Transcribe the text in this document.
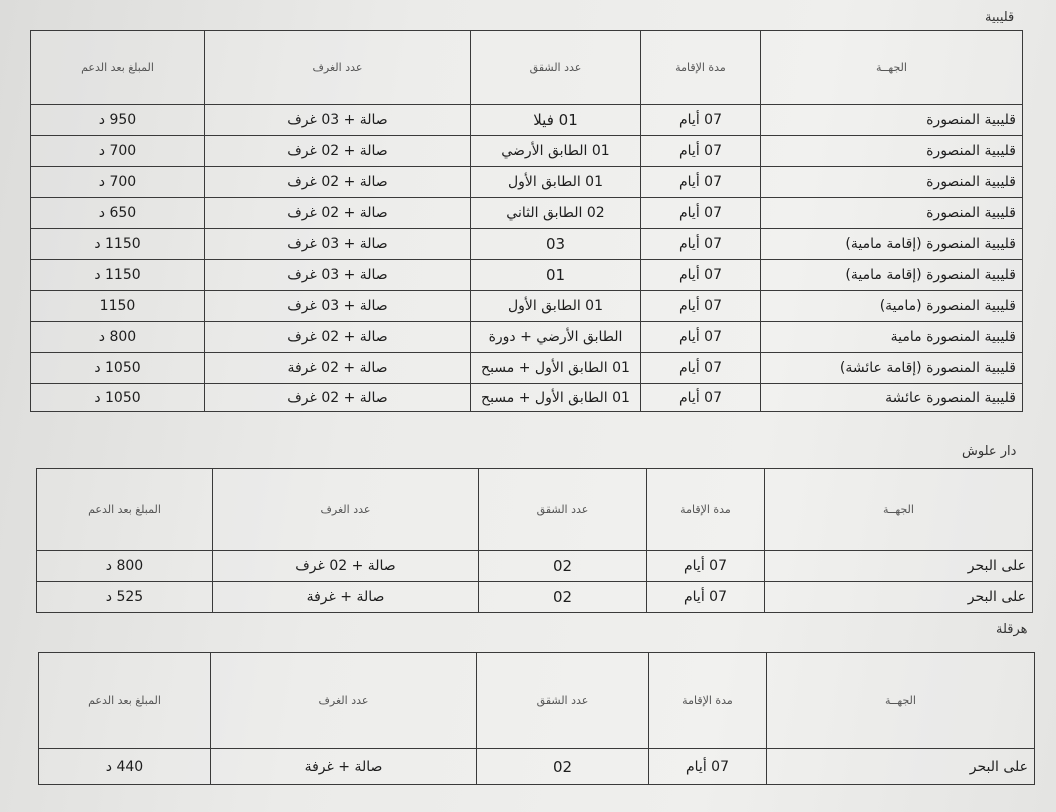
قليبية
الجهــة	مدة الإقامة	عدد الشقق	عدد الغرف	المبلغ بعد الدعم
قليبية المنصورة	07 أيام	01 فيلا	صالة + 03 غرف	950 د
قليبية المنصورة	07 أيام	01 الطابق الأرضي	صالة + 02 غرف	700 د
قليبية المنصورة	07 أيام	01 الطابق الأول	صالة + 02 غرف	700 د
قليبية المنصورة	07 أيام	02 الطابق الثاني	صالة + 02 غرف	650 د
قليبية المنصورة (إقامة مامية)	07 أيام	03	صالة + 03 غرف	1150 د
قليبية المنصورة (إقامة مامية)	07 أيام	01	صالة + 03 غرف	1150 د
قليبية المنصورة (مامية)	07 أيام	01 الطابق الأول	صالة + 03 غرف	1150
قليبية المنصورة مامية	07 أيام	الطابق الأرضي + دورة	صالة + 02 غرف	800 د
قليبية المنصورة (إقامة عائشة)	07 أيام	01 الطابق الأول + مسبح	صالة + 02 غرفة	1050 د
قليبية المنصورة عائشة	07 أيام	01 الطابق الأول + مسبح	صالة + 02 غرف	1050 د
دار علوش
الجهــة	مدة الإقامة	عدد الشقق	عدد الغرف	المبلغ بعد الدعم
على البحر	07 أيام	02	صالة + 02 غرف	800 د
على البحر	07 أيام	02	صالة + غرفة	525 د
هرقلة
الجهــة	مدة الإقامة	عدد الشقق	عدد الغرف	المبلغ بعد الدعم
على البحر	07 أيام	02	صالة + غرفة	440 د
